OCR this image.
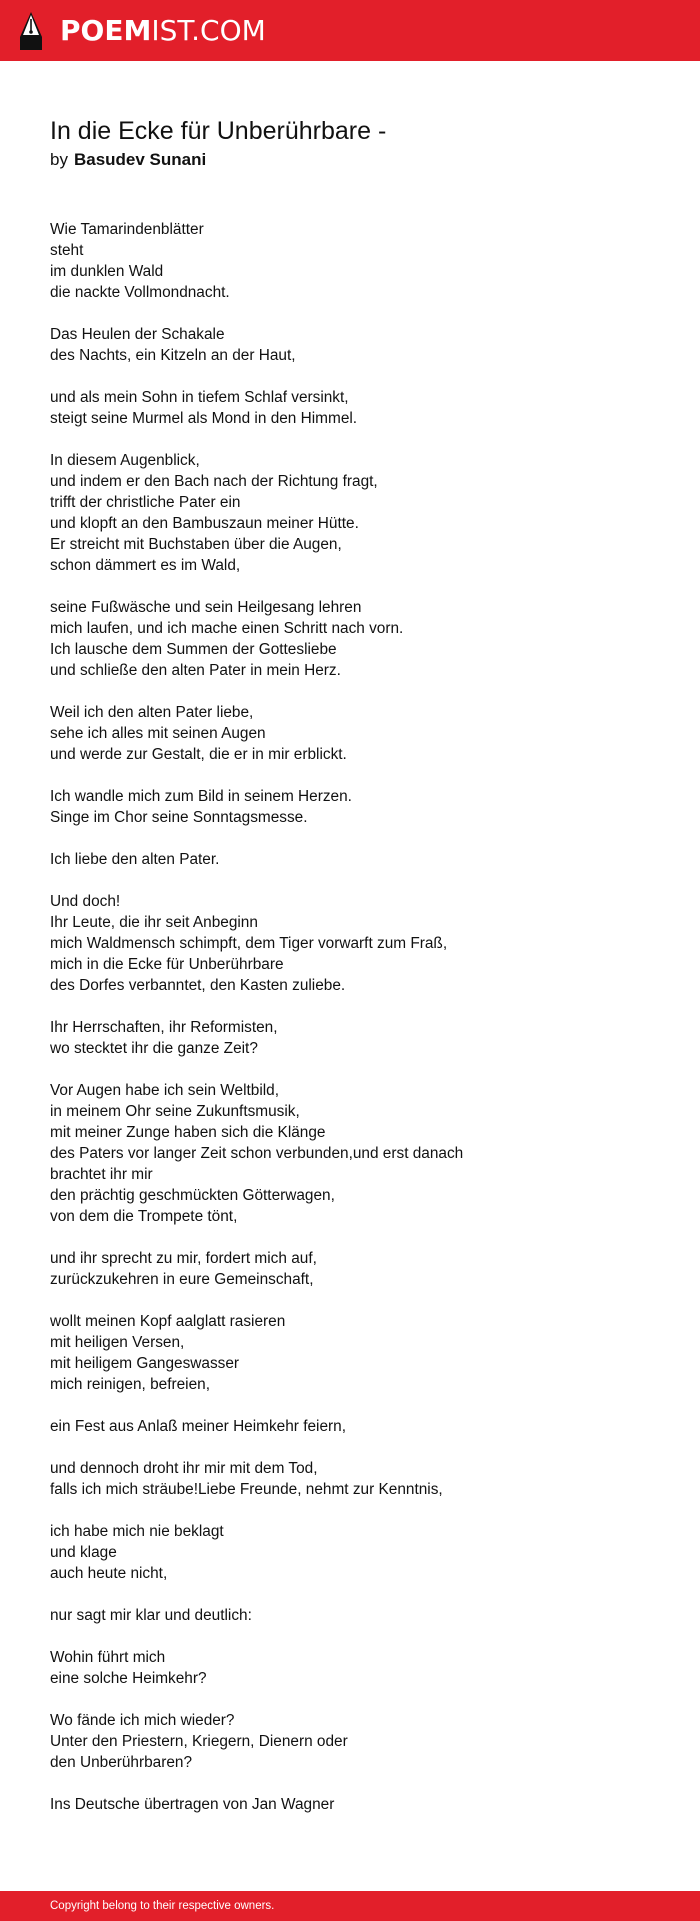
POEMIST.COM
In die Ecke für Unberührbare -

by Basudev Sunani

Wie Tamarindenblätter
steht
im dunklen Wald
die nackte Vollmondnacht.

Das Heulen der Schakale
des Nachts, ein Kitzeln an der Haut,

und als mein Sohn in tiefem Schlaf versinkt,
steigt seine Murmel als Mond in den Himmel.

In diesem Augenblick,
und indem er den Bach nach der Richtung fragt,
trifft der christliche Pater ein
und klopft an den Bambuszaun meiner Hütte.
Er streicht mit Buchstaben über die Augen,
schon dämmert es im Wald,

seine Fußwäsche und sein Heilgesang lehren
mich laufen, und ich mache einen Schritt nach vorn.
Ich lausche dem Summen der Gottesliebe
und schließe den alten Pater in mein Herz.

Weil ich den alten Pater liebe,
sehe ich alles mit seinen Augen
und werde zur Gestalt, die er in mir erblickt.

Ich wandle mich zum Bild in seinem Herzen.
Singe im Chor seine Sonntagsmesse.

Ich liebe den alten Pater.

Und doch!
Ihr Leute, die ihr seit Anbeginn
mich Waldmensch schimpft, dem Tiger vorwarft zum Fraß,
mich in die Ecke für Unberührbare
des Dorfes verbanntet, den Kasten zuliebe.

Ihr Herrschaften, ihr Reformisten,
wo stecktet ihr die ganze Zeit?

Vor Augen habe ich sein Weltbild,
in meinem Ohr seine Zukunftsmusik,
mit meiner Zunge haben sich die Klänge
des Paters vor langer Zeit schon verbunden,und erst danach
brachtet ihr mir
den prächtig geschmückten Götterwagen,
von dem die Trompete tönt,

und ihr sprecht zu mir, fordert mich auf,
zurückzukehren in eure Gemeinschaft,

wollt meinen Kopf aalglatt rasieren
mit heiligen Versen,
mit heiligem Gangeswasser
mich reinigen, befreien,

ein Fest aus Anlaß meiner Heimkehr feiern,

und dennoch droht ihr mir mit dem Tod,
falls ich mich sträube!Liebe Freunde, nehmt zur Kenntnis,

ich habe mich nie beklagt
und klage
auch heute nicht,

nur sagt mir klar und deutlich:

Wohin führt mich
eine solche Heimkehr?

Wo fände ich mich wieder?
Unter den Priestern, Kriegern, Dienern oder
den Unberührbaren?

Ins Deutsche übertragen von Jan Wagner

Copyright belong to their respective owners.
